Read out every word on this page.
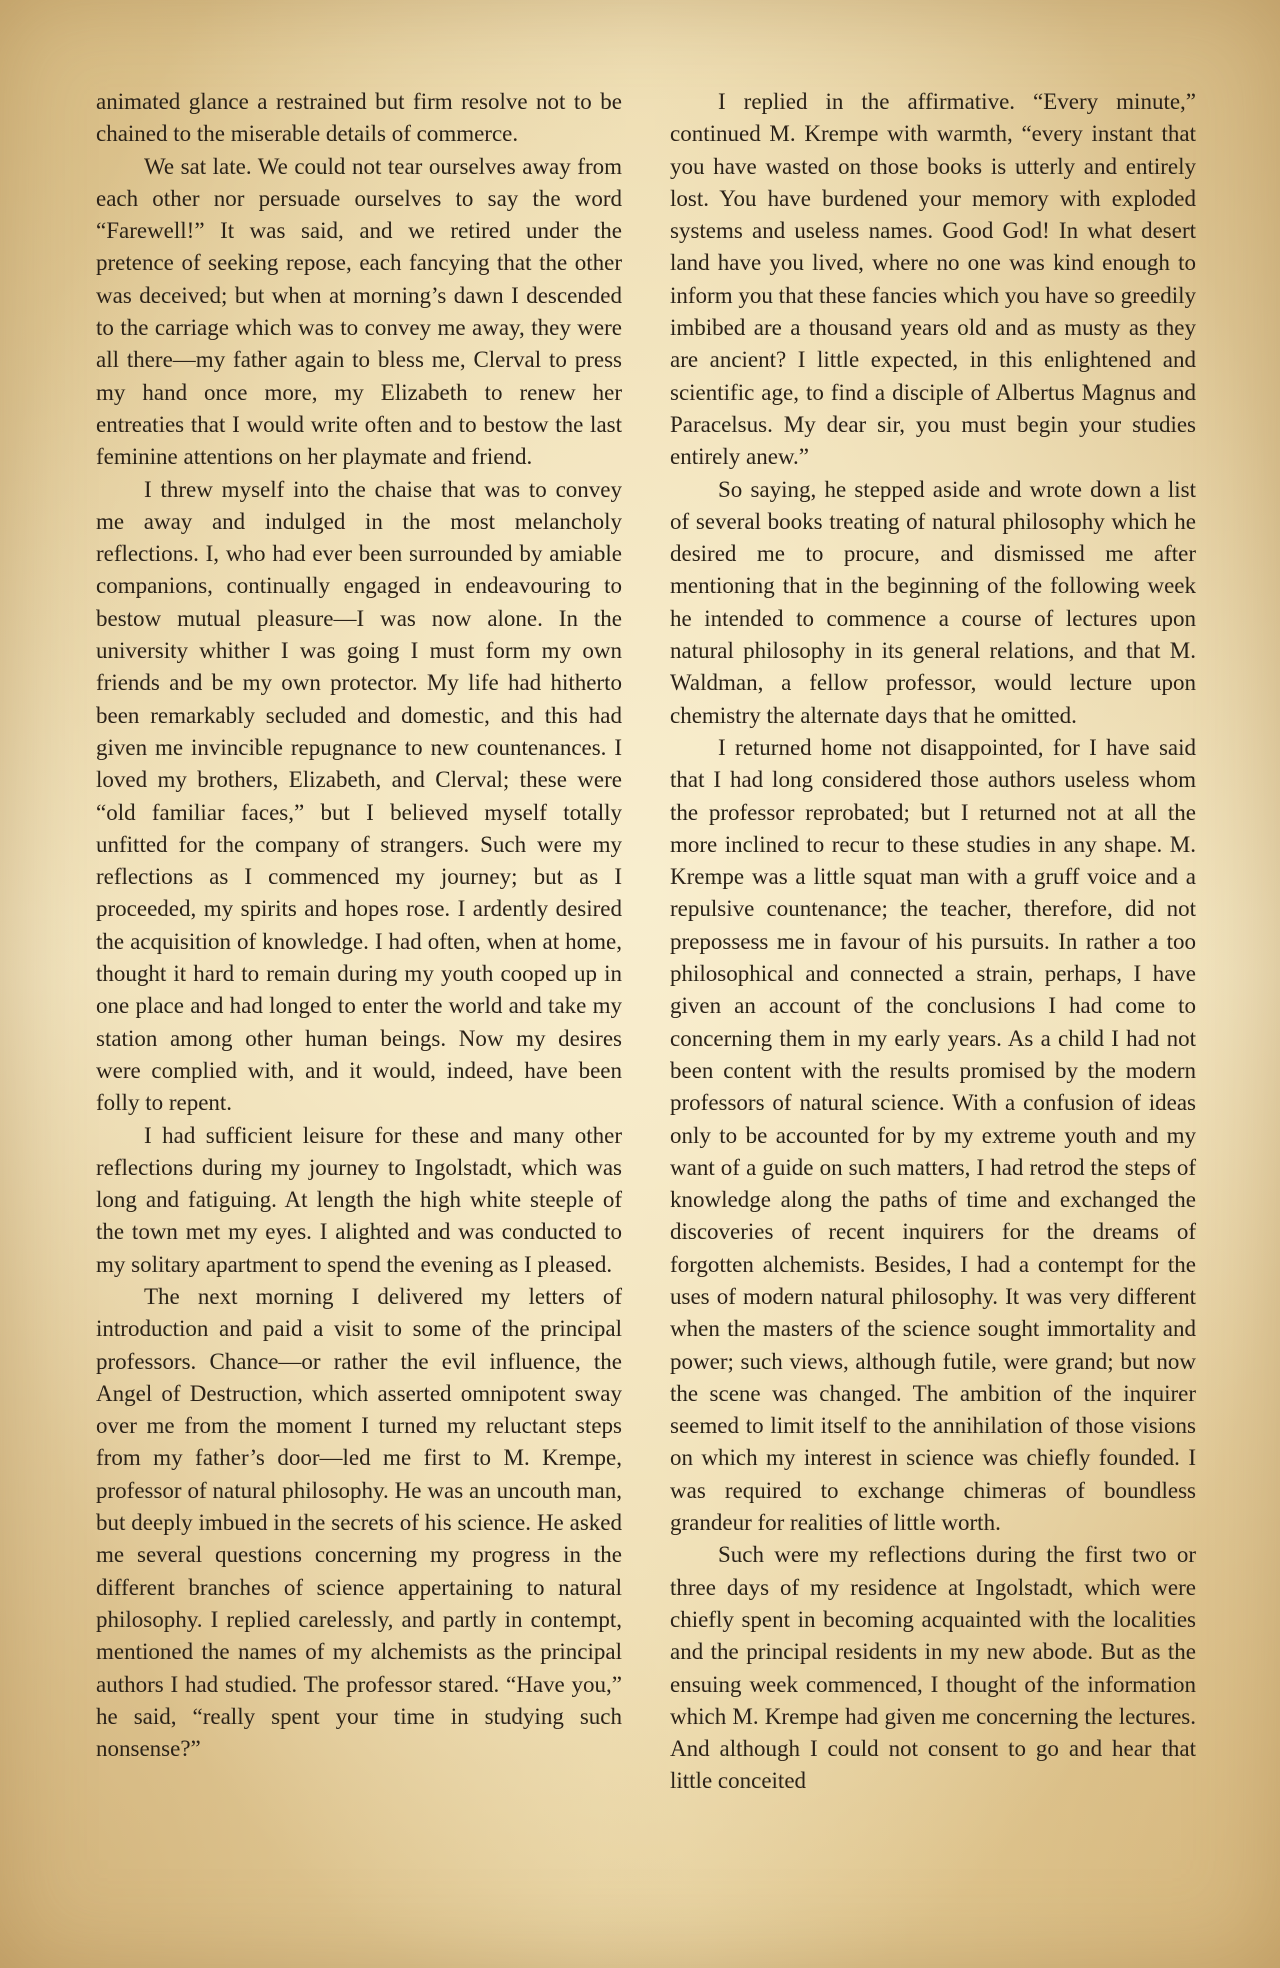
animated glance a restrained but firm resolve not to be chained to the miserable details of commerce.

We sat late. We could not tear ourselves away from each other nor persuade ourselves to say the word “Farewell!” It was said, and we retired under the pretence of seeking repose, each fancying that the other was deceived; but when at morning’s dawn I descended to the carriage which was to convey me away, they were all there—my father again to bless me, Clerval to press my hand once more, my Elizabeth to renew her entreaties that I would write often and to bestow the last feminine attentions on her playmate and friend.

I threw myself into the chaise that was to convey me away and indulged in the most melancholy reflections. I, who had ever been surrounded by amiable companions, continually engaged in endeavouring to bestow mutual pleasure—I was now alone. In the university whither I was going I must form my own friends and be my own protector. My life had hitherto been remarkably secluded and domestic, and this had given me invincible repugnance to new countenances. I loved my brothers, Elizabeth, and Clerval; these were “old familiar faces,” but I believed myself totally unfitted for the company of strangers. Such were my reflections as I commenced my journey; but as I proceeded, my spirits and hopes rose. I ardently desired the acquisition of knowledge. I had often, when at home, thought it hard to remain during my youth cooped up in one place and had longed to enter the world and take my station among other human beings. Now my desires were complied with, and it would, indeed, have been folly to repent.

I had sufficient leisure for these and many other reflections during my journey to Ingolstadt, which was long and fatiguing. At length the high white steeple of the town met my eyes. I alighted and was conducted to my solitary apartment to spend the evening as I pleased.

The next morning I delivered my letters of introduction and paid a visit to some of the principal professors. Chance—or rather the evil influence, the Angel of Destruction, which asserted omnipotent sway over me from the moment I turned my reluctant steps from my father’s door—led me first to M. Krempe, professor of natural philosophy. He was an uncouth man, but deeply imbued in the secrets of his science. He asked me several questions concerning my progress in the different branches of science appertaining to natural philosophy. I replied carelessly, and partly in contempt, mentioned the names of my alchemists as the principal authors I had studied. The professor stared. “Have you,” he said, “really spent your time in studying such nonsense?”

I replied in the affirmative. “Every minute,” continued M. Krempe with warmth, “every instant that you have wasted on those books is utterly and entirely lost. You have burdened your memory with exploded systems and useless names. Good God! In what desert land have you lived, where no one was kind enough to inform you that these fancies which you have so greedily imbibed are a thousand years old and as musty as they are ancient? I little expected, in this enlightened and scientific age, to find a disciple of Albertus Magnus and Paracelsus. My dear sir, you must begin your studies entirely anew.”

So saying, he stepped aside and wrote down a list of several books treating of natural philosophy which he desired me to procure, and dismissed me after mentioning that in the beginning of the following week he intended to commence a course of lectures upon natural philosophy in its general relations, and that M. Waldman, a fellow professor, would lecture upon chemistry the alternate days that he omitted.

I returned home not disappointed, for I have said that I had long considered those authors useless whom the professor reprobated; but I returned not at all the more inclined to recur to these studies in any shape. M. Krempe was a little squat man with a gruff voice and a repulsive countenance; the teacher, therefore, did not prepossess me in favour of his pursuits. In rather a too philosophical and connected a strain, perhaps, I have given an account of the conclusions I had come to concerning them in my early years. As a child I had not been content with the results promised by the modern professors of natural science. With a confusion of ideas only to be accounted for by my extreme youth and my want of a guide on such matters, I had retrod the steps of knowledge along the paths of time and exchanged the discoveries of recent inquirers for the dreams of forgotten alchemists. Besides, I had a contempt for the uses of modern natural philosophy. It was very different when the masters of the science sought immortality and power; such views, although futile, were grand; but now the scene was changed. The ambition of the inquirer seemed to limit itself to the annihilation of those visions on which my interest in science was chiefly founded. I was required to exchange chimeras of boundless grandeur for realities of little worth.

Such were my reflections during the first two or three days of my residence at Ingolstadt, which were chiefly spent in becoming acquainted with the localities and the principal residents in my new abode. But as the ensuing week commenced, I thought of the information which M. Krempe had given me concerning the lectures. And although I could not consent to go and hear that little conceited
